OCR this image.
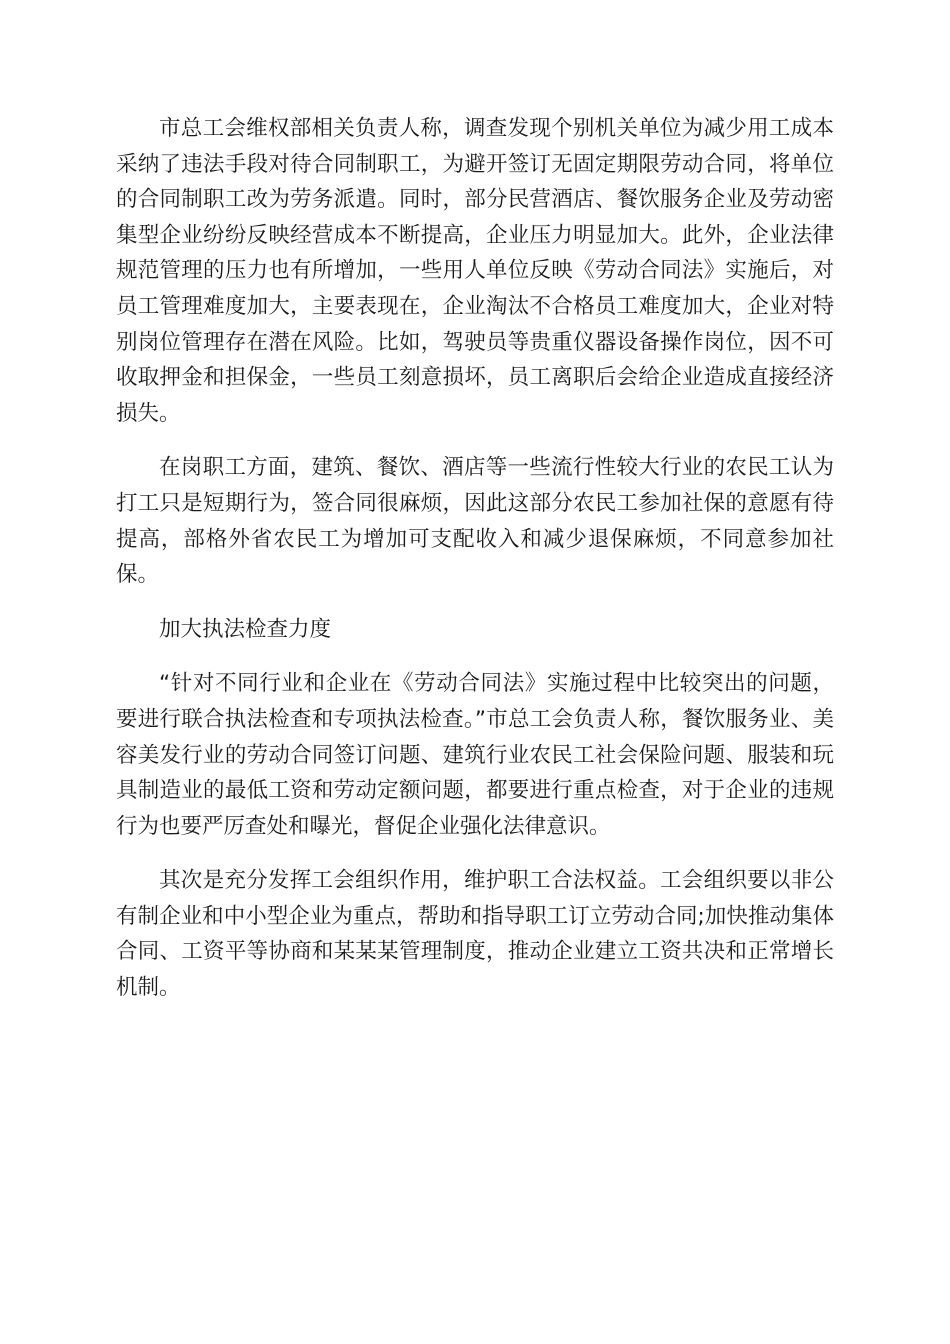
市总工会维权部相关负责人称，调查发现个别机关单位为减少用工成本采纳了违法手段对待合同制职工，为避开签订无固定期限劳动合同，将单位的合同制职工改为劳务派遣。同时，部分民营酒店、餐饮服务企业及劳动密集型企业纷纷反映经营成本不断提高，企业压力明显加大。此外，企业法律规范管理的压力也有所增加，一些用人单位反映《劳动合同法》实施后，对员工管理难度加大，主要表现在，企业淘汰不合格员工难度加大，企业对特别岗位管理存在潜在风险。比如，驾驶员等贵重仪器设备操作岗位，因不可收取押金和担保金，一些员工刻意损坏，员工离职后会给企业造成直接经济损失。

在岗职工方面，建筑、餐饮、酒店等一些流行性较大行业的农民工认为打工只是短期行为，签合同很麻烦，因此这部分农民工参加社保的意愿有待提高，部格外省农民工为增加可支配收入和减少退保麻烦，不同意参加社保。

加大执法检查力度

“针对不同行业和企业在《劳动合同法》实施过程中比较突出的问题，要进行联合执法检查和专项执法检查。”市总工会负责人称，餐饮服务业、美容美发行业的劳动合同签订问题、建筑行业农民工社会保险问题、服装和玩具制造业的最低工资和劳动定额问题，都要进行重点检查，对于企业的违规行为也要严厉查处和曝光，督促企业强化法律意识。

其次是充分发挥工会组织作用，维护职工合法权益。工会组织要以非公有制企业和中小型企业为重点，帮助和指导职工订立劳动合同;加快推动集体合同、工资平等协商和某某某管理制度，推动企业建立工资共决和正常增长机制。
